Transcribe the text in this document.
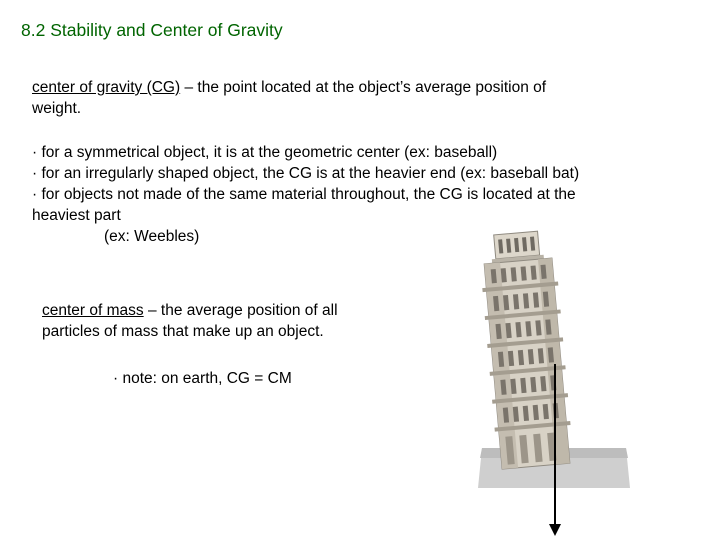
8.2 Stability and Center of Gravity
center of gravity (CG) – the point located at the object’s average position of
weight.
· for a symmetrical object, it is at the geometric center (ex: baseball)
· for an irregularly shaped object, the CG is at the heavier end (ex: baseball bat)
· for objects not made of the same material throughout, the CG is located at the
heaviest part
(ex: Weebles)
center of mass – the average position of all
particles of mass that make up an object.
· note: on earth, CG = CM
